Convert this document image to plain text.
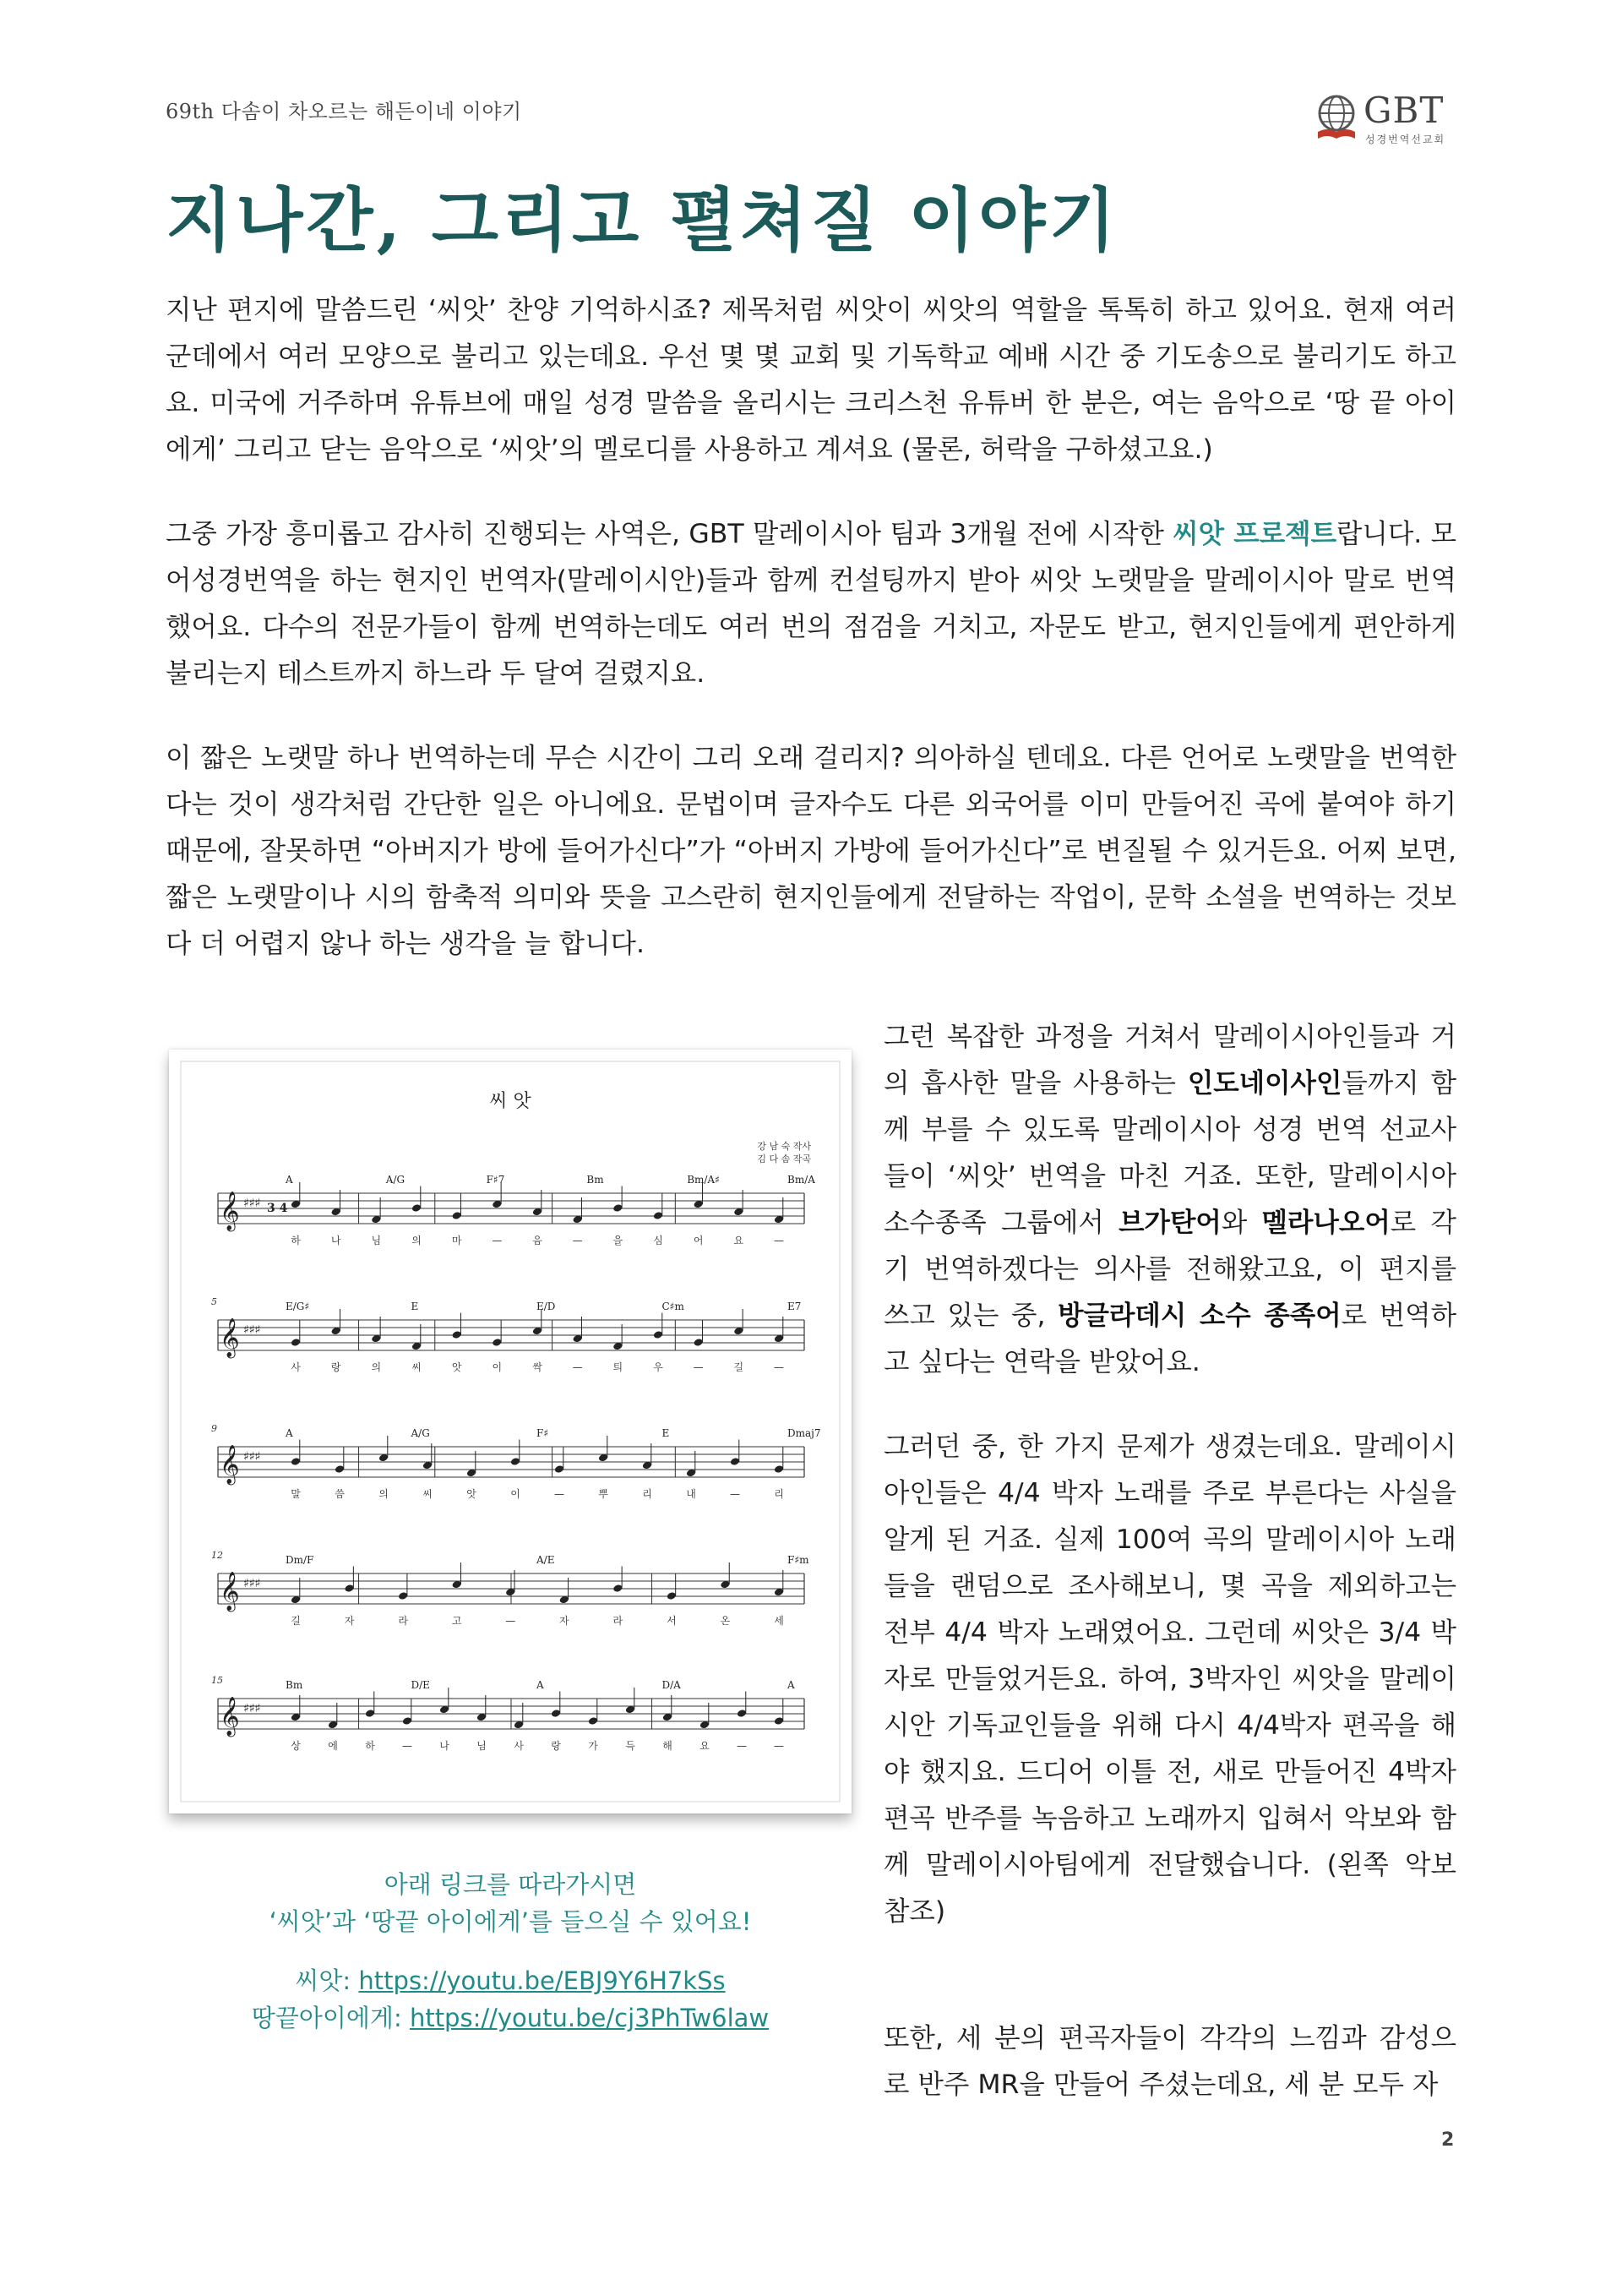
69th 다솜이 차오르는 해든이네 이야기	GBT
성경번역선교회
지나간, 그리고 펼쳐질 이야기

지난 편지에 말씀드린 ‘씨앗’ 찬양 기억하시죠? 제목처럼 씨앗이 씨앗의 역할을 톡톡히 하고 있어요. 현재 여러 군데에서 여러 모양으로 불리고 있는데요. 우선 몇 몇 교회 및 기독학교 예배 시간 중 기도송으로 불리기도 하고요. 미국에 거주하며 유튜브에 매일 성경 말씀을 올리시는 크리스천 유튜버 한 분은, 여는 음악으로 ‘땅 끝 아이에게’ 그리고 닫는 음악으로 ‘씨앗’의 멜로디를 사용하고 계셔요 (물론, 허락을 구하셨고요.)

그중 가장 흥미롭고 감사히 진행되는 사역은, GBT 말레이시아 팀과 3개월 전에 시작한 씨앗 프로젝트랍니다. 모어성경번역을 하는 현지인 번역자(말레이시안)들과 함께 컨설팅까지 받아 씨앗 노랫말을 말레이시아 말로 번역했어요. 다수의 전문가들이 함께 번역하는데도 여러 번의 점검을 거치고, 자문도 받고, 현지인들에게 편안하게 불리는지 테스트까지 하느라 두 달여 걸렸지요.

이 짧은 노랫말 하나 번역하는데 무슨 시간이 그리 오래 걸리지? 의아하실 텐데요. 다른 언어로 노랫말을 번역한다는 것이 생각처럼 간단한 일은 아니에요. 문법이며 글자수도 다른 외국어를 이미 만들어진 곡에 붙여야 하기 때문에, 잘못하면 “아버지가 방에 들어가신다”가 “아버지 가방에 들어가신다”로 변질될 수 있거든요. 어찌 보면, 짧은 노랫말이나 시의 함축적 의미와 뜻을 고스란히 현지인들에게 전달하는 작업이, 문학 소설을 번역하는 것보다 더 어렵지 않나 하는 생각을 늘 합니다.

씨 앗
강 남 숙 작사
김 다 솜 작곡
𝄞 ♯♯♯ 3 4
A	A/G	F♯7	Bm	Bm/A♯	Bm/A
하	나	님	의	마	—	음	—	을	심	어	요	—
𝄞 ♯♯♯
5	E/G♯	E	E/D	C♯m	E7
사	랑	의	씨	앗	이	싹	—	틔	우	—	길	—
𝄞 ♯♯♯
9	A	A/G	F♯	E	Dmaj7
말	씀	의	씨	앗	이	—	뿌	리	내	—	리
𝄞 ♯♯♯
12	Dm/F	A/E	F♯m
길	자	라	고	—	자	라	서	온	세
𝄞 ♯♯♯
15	Bm	D/E	A	D/A	A
상	에	하	—	나	님	사	랑	가	득	해	요	—	—

아래 링크를 따라가시면

‘씨앗’과 ‘땅끝 아이에게’를 들으실 수 있어요!

씨앗: https://youtu.be/EBJ9Y6H7kSs

땅끝아이에게: https://youtu.be/cj3PhTw6law

그런 복잡한 과정을 거쳐서 말레이시아인들과 거의 흡사한 말을 사용하는 인도네이사인들까지 함께 부를 수 있도록 말레이시아 성경 번역 선교사들이 ‘씨앗’ 번역을 마친 거죠. 또한, 말레이시아 소수종족 그룹에서 브가탄어와 멜라나오어로 각기 번역하겠다는 의사를 전해왔고요, 이 편지를 쓰고 있는 중, 방글라데시 소수 종족어로 번역하고 싶다는 연락을 받았어요.

그러던 중, 한 가지 문제가 생겼는데요. 말레이시아인들은 4/4 박자 노래를 주로 부른다는 사실을 알게 된 거죠. 실제 100여 곡의 말레이시아 노래들을 랜덤으로 조사해보니, 몇 곡을 제외하고는 전부 4/4 박자 노래였어요. 그런데 씨앗은 3/4 박자로 만들었거든요. 하여, 3박자인 씨앗을 말레이시안 기독교인들을 위해 다시 4/4박자 편곡을 해야 했지요. 드디어 이틀 전, 새로 만들어진 4박자 편곡 반주를 녹음하고 노래까지 입혀서 악보와 함께 말레이시아팀에게 전달했습니다. (왼쪽 악보 참조)

또한, 세 분의 편곡자들이 각각의 느낌과 감성으로 반주 MR을 만들어 주셨는데요, 세 분 모두 자

2
